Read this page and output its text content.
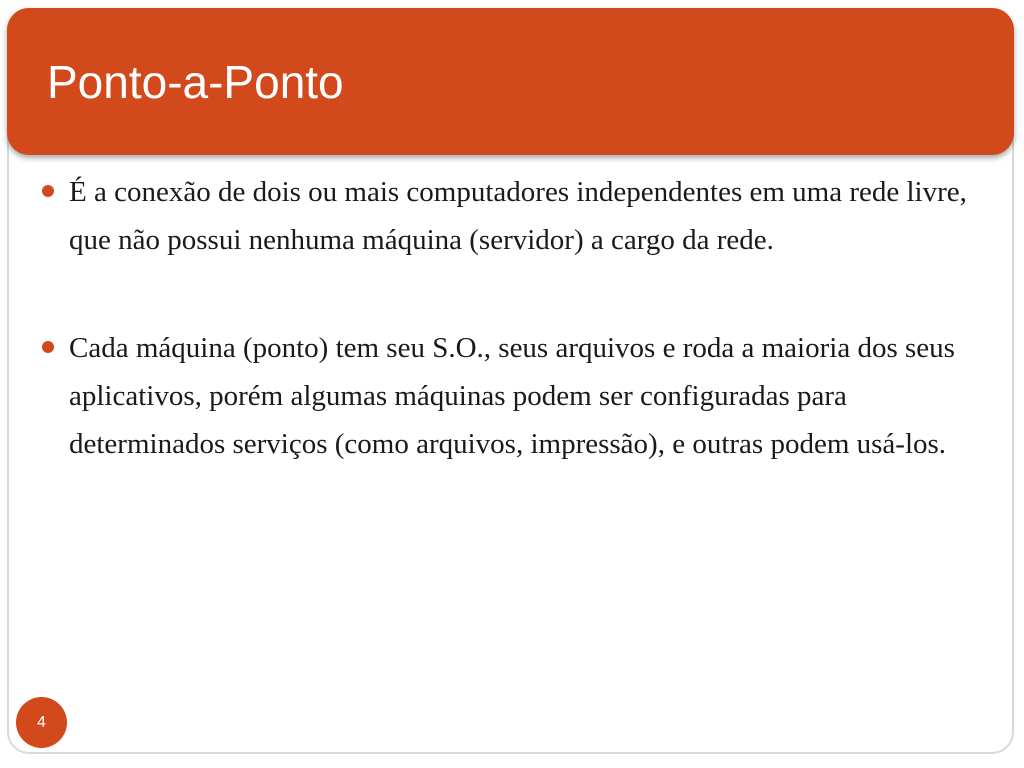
Ponto-a-Ponto
É a conexão de dois ou mais computadores independentes em uma rede livre, que não possui nenhuma máquina (servidor) a cargo da rede.
Cada máquina (ponto) tem seu S.O., seus arquivos e roda a maioria dos seus aplicativos, porém algumas máquinas podem ser configuradas para determinados serviços (como arquivos, impressão), e outras podem usá-los.
4
